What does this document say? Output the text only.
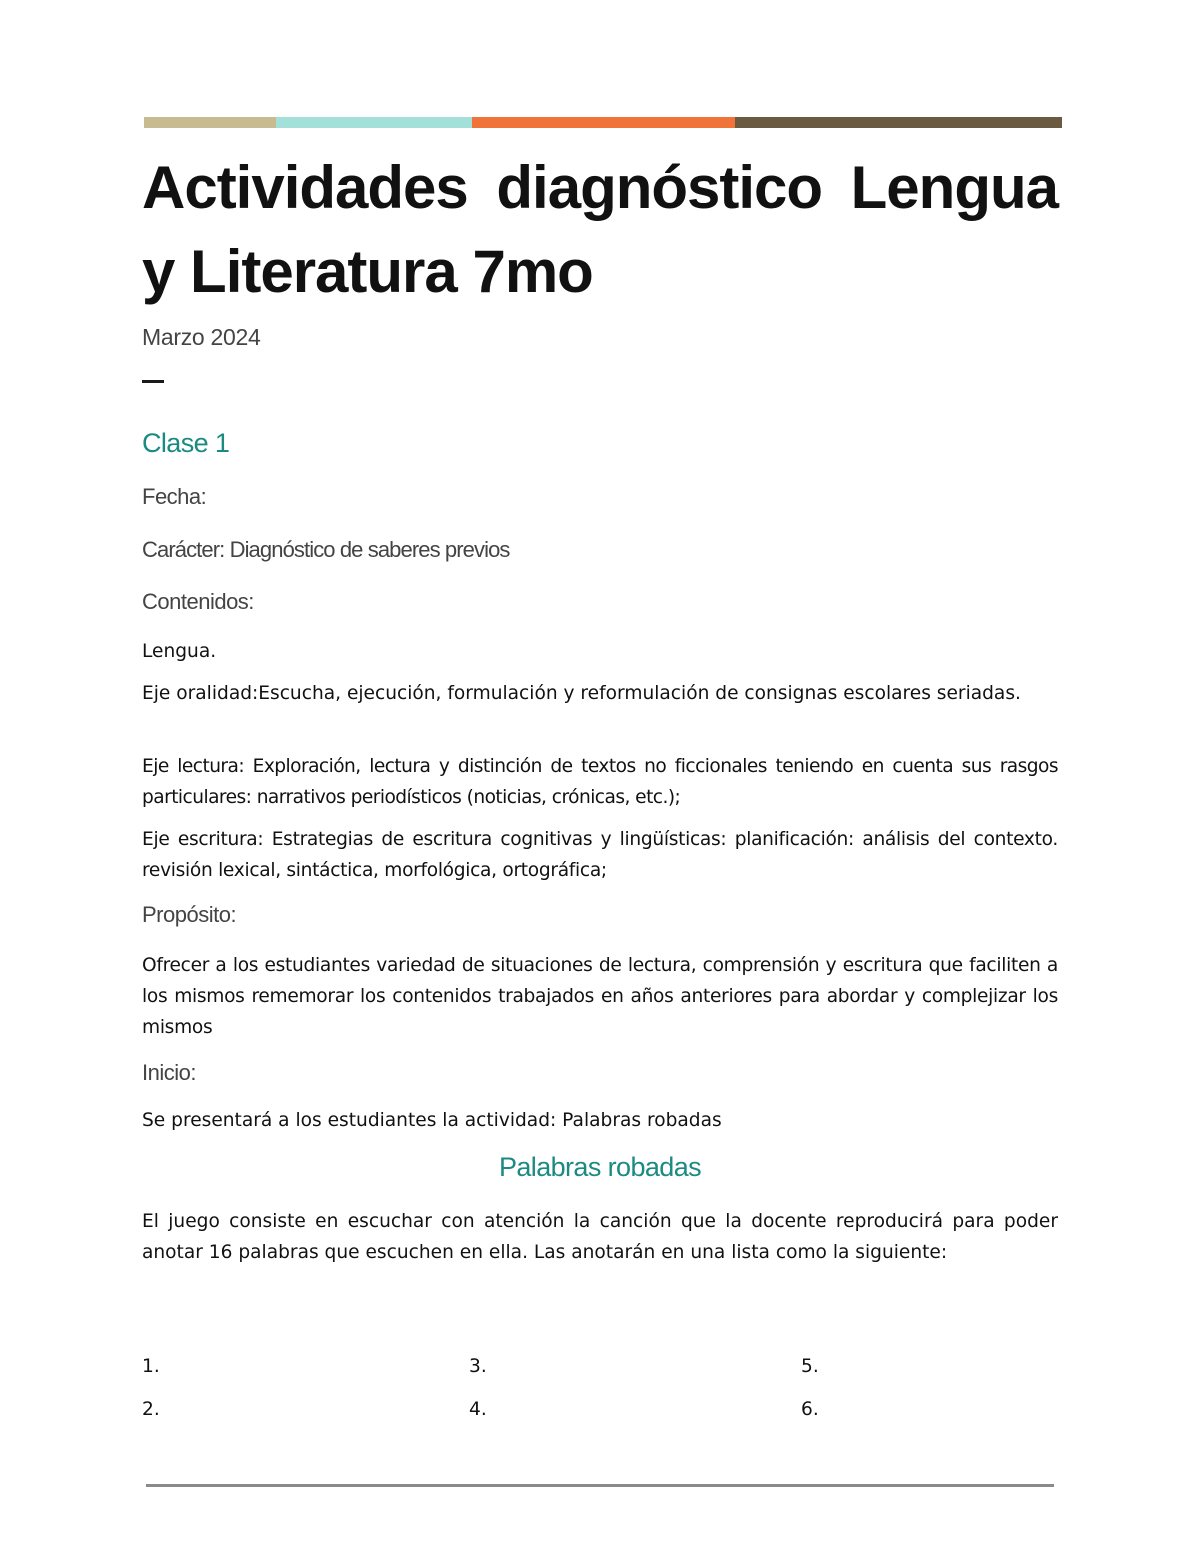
Actividades diagnóstico Lengua y Literatura 7mo
Marzo 2024
Clase 1
Fecha:
Carácter: Diagnóstico de saberes previos
Contenidos:

Lengua.

Eje oralidad:Escucha, ejecución, formulación y reformulación de consignas escolares seriadas.

Eje lectura: Exploración, lectura y distinción de textos no ficcionales teniendo en cuenta sus rasgos particulares: narrativos periodísticos (noticias, crónicas, etc.);

Eje escritura: Estrategias de escritura cognitivas y lingüísticas: planificación: análisis del contexto. revisión lexical, sintáctica, morfológica, ortográfica;

Propósito:

Ofrecer a los estudiantes variedad de situaciones de lectura, comprensión y escritura que faciliten a los mismos rememorar los contenidos trabajados en años anteriores para abordar y complejizar los mismos

Inicio:

Se presentará a los estudiantes la actividad: Palabras robadas

Palabras robadas

El juego consiste en escuchar con atención la canción que la docente reproducirá para poder anotar 16 palabras que escuchen en ella. Las anotarán en una lista como la siguiente:

1.
2.
3.
4.
5.
6.
